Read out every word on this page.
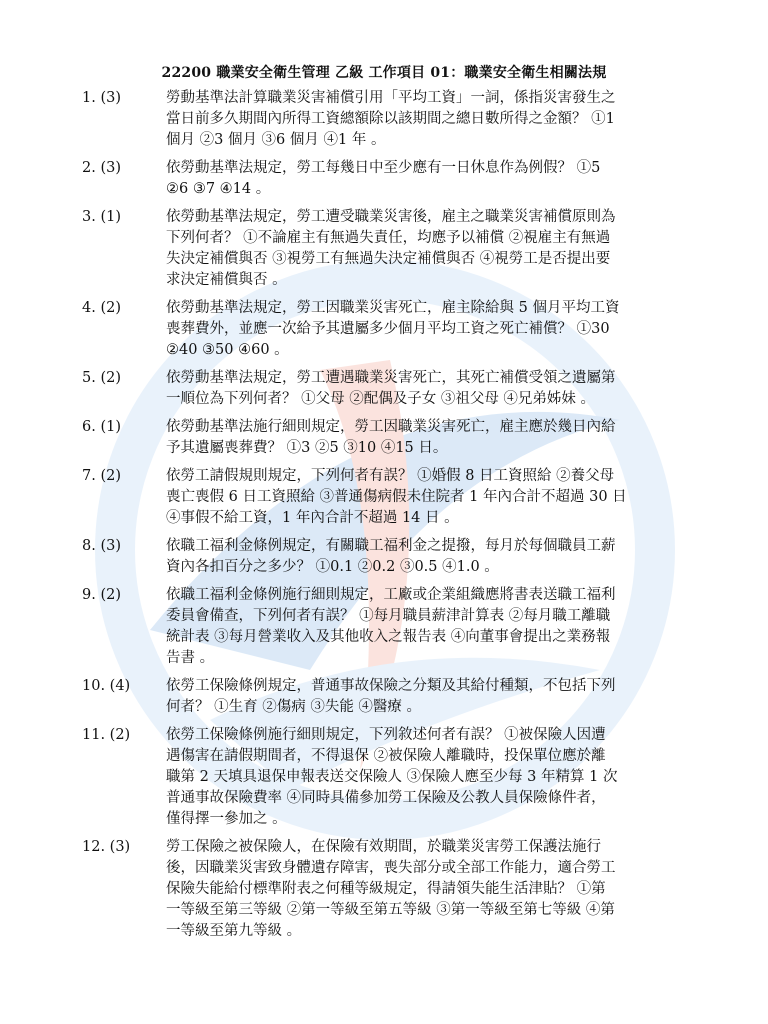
22200 職業安全衛生管理 乙級 工作項目 01：職業安全衛生相關法規
1. (3)	勞動基準法計算職業災害補償引用「平均工資」一詞，係指災害發生之
當日前多久期間內所得工資總額除以該期間之總日數所得之金額？ ①1
個月 ②3 個月 ③6 個月 ④1 年 。
2. (3)	依勞動基準法規定，勞工每幾日中至少應有一日休息作為例假？ ①5
②6 ③7 ④14 。
3. (1)	依勞動基準法規定，勞工遭受職業災害後，雇主之職業災害補償原則為
下列何者？ ①不論雇主有無過失責任，均應予以補償 ②視雇主有無過
失決定補償與否 ③視勞工有無過失決定補償與否 ④視勞工是否提出要
求決定補償與否 。
4. (2)	依勞動基準法規定，勞工因職業災害死亡，雇主除給與 5 個月平均工資
喪葬費外，並應一次給予其遺屬多少個月平均工資之死亡補償？ ①30
②40 ③50 ④60 。
5. (2)	依勞動基準法規定，勞工遭遇職業災害死亡，其死亡補償受領之遺屬第
一順位為下列何者？ ①父母 ②配偶及子女 ③祖父母 ④兄弟姊妹 。
6. (1)	依勞動基準法施行細則規定，勞工因職業災害死亡，雇主應於幾日內給
予其遺屬喪葬費？ ①3 ②5 ③10 ④15 日。
7. (2)	依勞工請假規則規定，下列何者有誤？ ①婚假 8 日工資照給 ②養父母
喪亡喪假 6 日工資照給 ③普通傷病假未住院者 1 年內合計不超過 30 日
④事假不給工資，1 年內合計不超過 14 日 。
8. (3)	依職工福利金條例規定，有關職工福利金之提撥，每月於每個職員工薪
資內各扣百分之多少？ ①0.1 ②0.2 ③0.5 ④1.0 。
9. (2)	依職工福利金條例施行細則規定，工廠或企業組織應將書表送職工福利
委員會備查，下列何者有誤？ ①每月職員薪津計算表 ②每月職工離職
統計表 ③每月營業收入及其他收入之報告表 ④向董事會提出之業務報
告書 。
10. (4)	依勞工保險條例規定，普通事故保險之分類及其給付種類，不包括下列
何者？ ①生育 ②傷病 ③失能 ④醫療 。
11. (2)	依勞工保險條例施行細則規定，下列敘述何者有誤？ ①被保險人因遭
遇傷害在請假期間者，不得退保 ②被保險人離職時，投保單位應於離
職第 2 天填具退保申報表送交保險人 ③保險人應至少每 3 年精算 1 次
普通事故保險費率 ④同時具備參加勞工保險及公教人員保險條件者，
僅得擇一參加之 。
12. (3)	勞工保險之被保險人，在保險有效期間，於職業災害勞工保護法施行
後，因職業災害致身體遺存障害，喪失部分或全部工作能力，適合勞工
保險失能給付標準附表之何種等級規定，得請領失能生活津貼？ ①第
一等級至第三等級 ②第一等級至第五等級 ③第一等級至第七等級 ④第
一等級至第九等級 。
